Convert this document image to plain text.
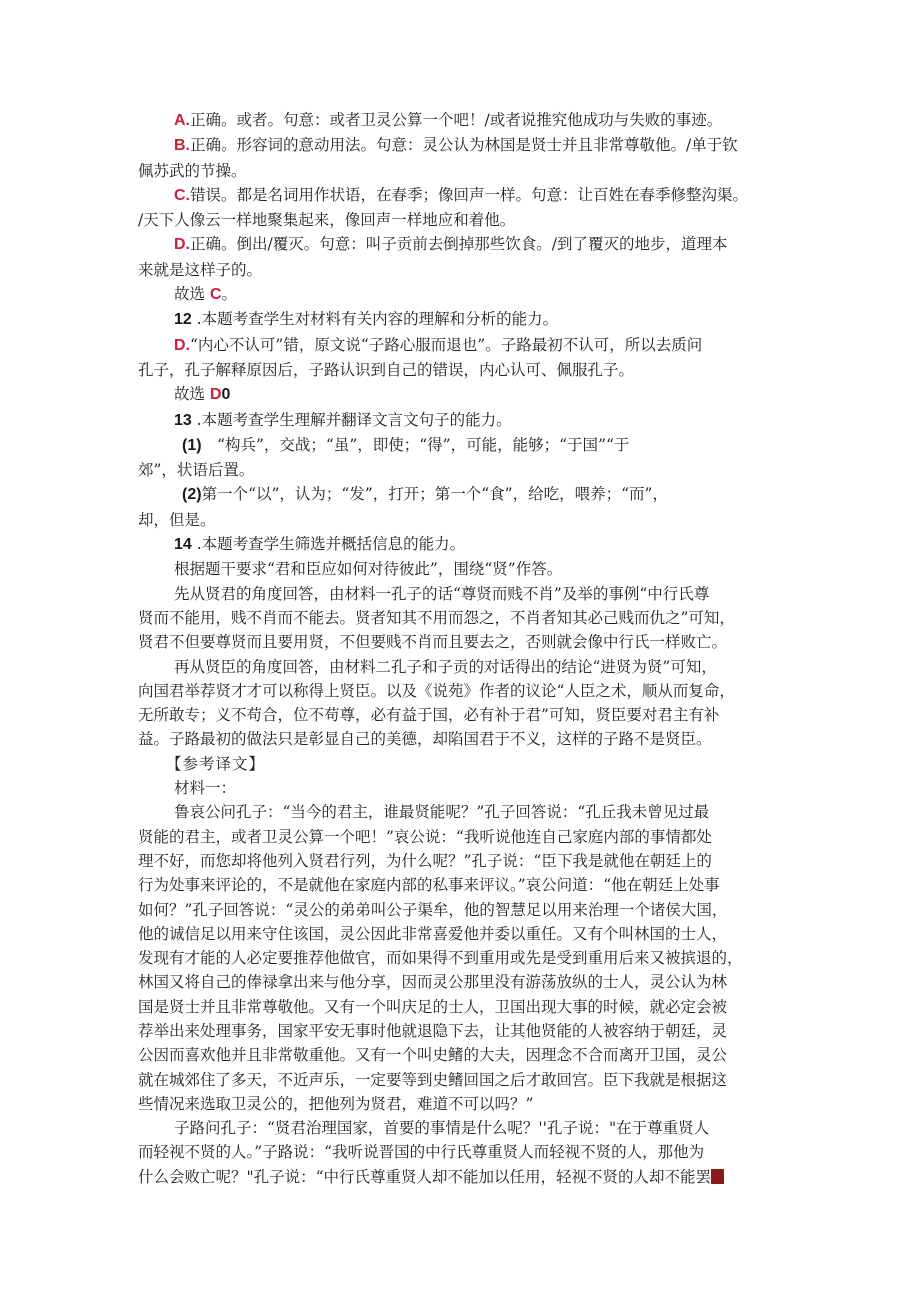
A.正确。或者。句意：或者卫灵公算一个吧！/或者说推究他成功与失败的事迹。
B.正确。形容词的意动用法。句意：灵公认为林国是贤士并且非常尊敬他。/单于钦
佩苏武的节操。
C.错误。都是名词用作状语，在春季；像回声一样。句意：让百姓在春季修整沟渠。
/天下人像云一样地聚集起来，像回声一样地应和着他。
D.正确。倒出/覆灭。句意：叫子贡前去倒掉那些饮食。/到了覆灭的地步，道理本
来就是这样子的。
故选 C。
12 .本题考查学生对材料有关内容的理解和分析的能力。
D.“内心不认可”错，原文说“子路心服而退也”。子路最初不认可，所以去质问
孔子，孔子解释原因后，子路认识到自己的错误，内心认可、佩服孔子。
故选 D0
13 .本题考查学生理解并翻译文言文句子的能力。
(1)　“构兵”，交战；“虽”，即使；“得”，可能，能够；“于国”“于
郊”，状语后置。
(2)第一个“以”，认为；“发”，打开；第一个“食”，给吃，喂养；“而”，
却，但是。
14 .本题考查学生筛选并概括信息的能力。
根据题干要求“君和臣应如何对待彼此”，围绕“贤”作答。
先从贤君的角度回答，由材料一孔子的话“尊贤而贱不肖”及举的事例“中行氏尊
贤而不能用，贱不肖而不能去。贤者知其不用而怨之，不肖者知其必己贱而仇之”可知，
贤君不但要尊贤而且要用贤，不但要贱不肖而且要去之，否则就会像中行氏一样败亡。
再从贤臣的角度回答，由材料二孔子和子贡的对话得出的结论“进贤为贤”可知，
向国君举荐贤才才可以称得上贤臣。以及《说苑》作者的议论“人臣之术，顺从而复命，
无所敢专；义不苟合，位不苟尊，必有益于国，必有补于君”可知，贤臣要对君主有补
益。子路最初的做法只是彰显自己的美德，却陷国君于不义，这样的子路不是贤臣。
【参考译文】
材料一：
鲁哀公问孔子：“当今的君主，谁最贤能呢？”孔子回答说：“孔丘我未曾见过最
贤能的君主，或者卫灵公算一个吧！”哀公说：“我听说他连自己家庭内部的事情都处
理不好，而您却将他列入贤君行列，为什么呢？”孔子说：“臣下我是就他在朝廷上的
行为处事来评论的，不是就他在家庭内部的私事来评议。”哀公问道：“他在朝廷上处事
如何？”孔子回答说：“灵公的弟弟叫公子渠牟，他的智慧足以用来治理一个诸侯大国，
他的诚信足以用来守住该国，灵公因此非常喜爱他并委以重任。又有个叫林国的士人，
发现有才能的人必定要推荐他做官，而如果得不到重用或先是受到重用后来又被摈退的，
林国又将自己的俸禄拿出来与他分享，因而灵公那里没有游荡放纵的士人，灵公认为林
国是贤士并且非常尊敬他。又有一个叫庆足的士人，卫国出现大事的时候，就必定会被
荐举出来处理事务，国家平安无事时他就退隐下去，让其他贤能的人被容纳于朝廷，灵
公因而喜欢他并且非常敬重他。又有一个叫史鳍的大夫，因理念不合而离开卫国，灵公
就在城郊住了多天，不近声乐，一定要等到史鳍回国之后才敢回宫。臣下我就是根据这
些情况来选取卫灵公的，把他列为贤君，难道不可以吗？”
子路问孔子：“贤君治理国家，首要的事情是什么呢？''孔子说："在于尊重贤人
而轻视不贤的人。”子路说：“我听说晋国的中行氏尊重贤人而轻视不贤的人，那他为
什么会败亡呢？"孔子说：“中行氏尊重贤人却不能加以任用，轻视不贤的人却不能罢
